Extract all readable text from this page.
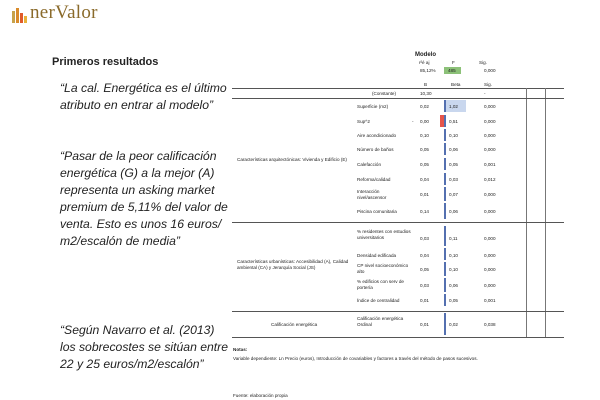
nerValor
Primeros resultados
“La cal. Energética es el último atributo en entrar al modelo”
“Pasar de la peor calificación energética (G) a la mejor (A) representa un asking market premium de 5,11% del valor de venta. Esto es unos 16 euros/ m2/escalón de media”
“Según Navarro et al. (2013) los sobrecostes se sitúan entre 22 y 25 euros/m2/escalón”
Modelo
r²é aj	F	Sig.
85,12%	485	0,000
B	Beta	Sig.
(Constante)	10,30	-
Características arquitectónicas: Vivienda y Edificio (E)
Superficie (m2)	0,02	1,02	0,000
Sup^2	- 0,00	0,51	0,000
Aire acondicionado	0,10	0,10	0,000
Número de baños	0,05	0,06	0,000
Calefacción	0,05	0,05	0,001
Reforma/calidad	0,04	0,03	0,012
Interacción nivel/ascensor	0,01	0,07	0,000
Piscina comunitaria	0,14	0,06	0,000
Características urbanísticas: Accesibilidad (A), Calidad ambiental (CA) y Jerarquía Social (JS)
% residentes con estudios universitarios	0,03	0,11	0,000
Densidad edificada	0,04	0,10	0,000
CP nivel socioeconómico alto	0,05	0,10	0,000
% edificios con serv de portería	0,03	0,06	0,000
Índice de centralidad	0,01	0,05	0,001
Calificación energética
Calificación energética Ordinal	0,01	0,02	0,038
Notas:
Variable dependiente: Ln Precio (euros), Introducción de covariables y factores a través del método de pasos sucesivos.
Fuente: elaboración propia
